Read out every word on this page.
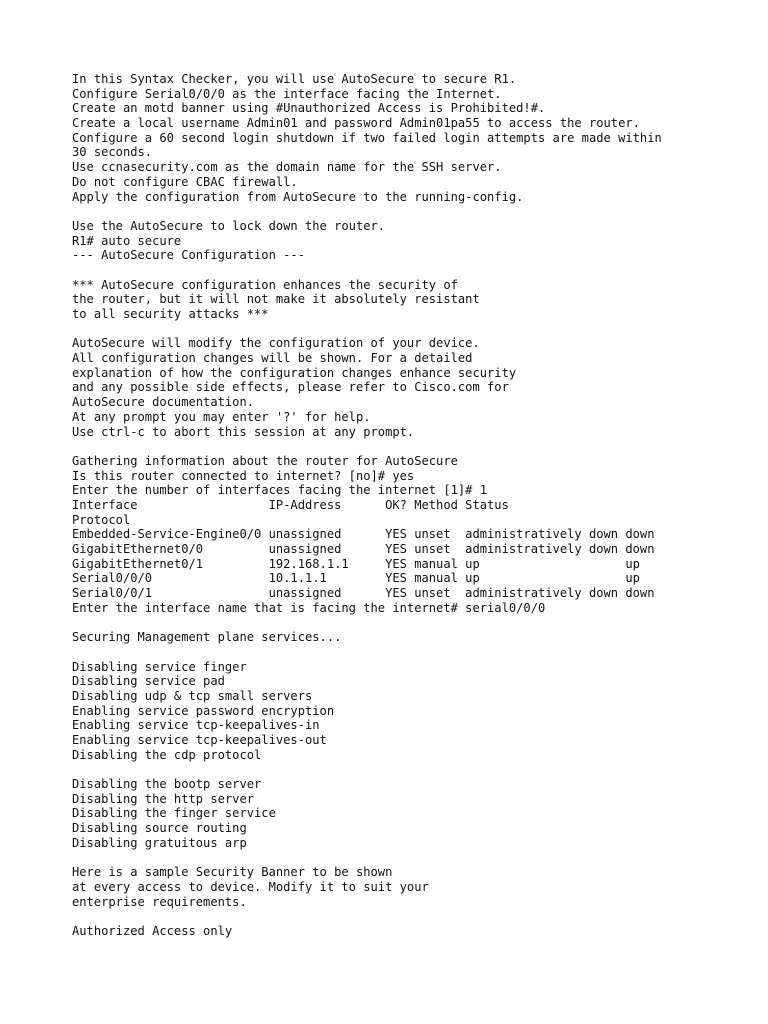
In this Syntax Checker, you will use AutoSecure to secure R1.
Configure Serial0/0/0 as the interface facing the Internet.
Create an motd banner using #Unauthorized Access is Prohibited!#.
Create a local username Admin01 and password Admin01pa55 to access the router.
Configure a 60 second login shutdown if two failed login attempts are made within
30 seconds.
Use ccnasecurity.com as the domain name for the SSH server.
Do not configure CBAC firewall.
Apply the configuration from AutoSecure to the running-config.
Use the AutoSecure to lock down the router.
R1# auto secure
--- AutoSecure Configuration ---
*** AutoSecure configuration enhances the security of
the router, but it will not make it absolutely resistant
to all security attacks ***
AutoSecure will modify the configuration of your device.
All configuration changes will be shown. For a detailed
explanation of how the configuration changes enhance security
and any possible side effects, please refer to Cisco.com for
AutoSecure documentation.
At any prompt you may enter '?' for help.
Use ctrl-c to abort this session at any prompt.
Gathering information about the router for AutoSecure
Is this router connected to internet? [no]# yes
Enter the number of interfaces facing the internet [1]# 1
Interface                  IP-Address      OK? Method Status
Protocol
Embedded-Service-Engine0/0 unassigned      YES unset  administratively down down
GigabitEthernet0/0         unassigned      YES unset  administratively down down
GigabitEthernet0/1         192.168.1.1     YES manual up                    up
Serial0/0/0                10.1.1.1        YES manual up                    up
Serial0/0/1                unassigned      YES unset  administratively down down
Enter the interface name that is facing the internet# serial0/0/0
Securing Management plane services...
Disabling service finger
Disabling service pad
Disabling udp & tcp small servers
Enabling service password encryption
Enabling service tcp-keepalives-in
Enabling service tcp-keepalives-out
Disabling the cdp protocol
Disabling the bootp server
Disabling the http server
Disabling the finger service
Disabling source routing
Disabling gratuitous arp
Here is a sample Security Banner to be shown
at every access to device. Modify it to suit your
enterprise requirements.
Authorized Access only
